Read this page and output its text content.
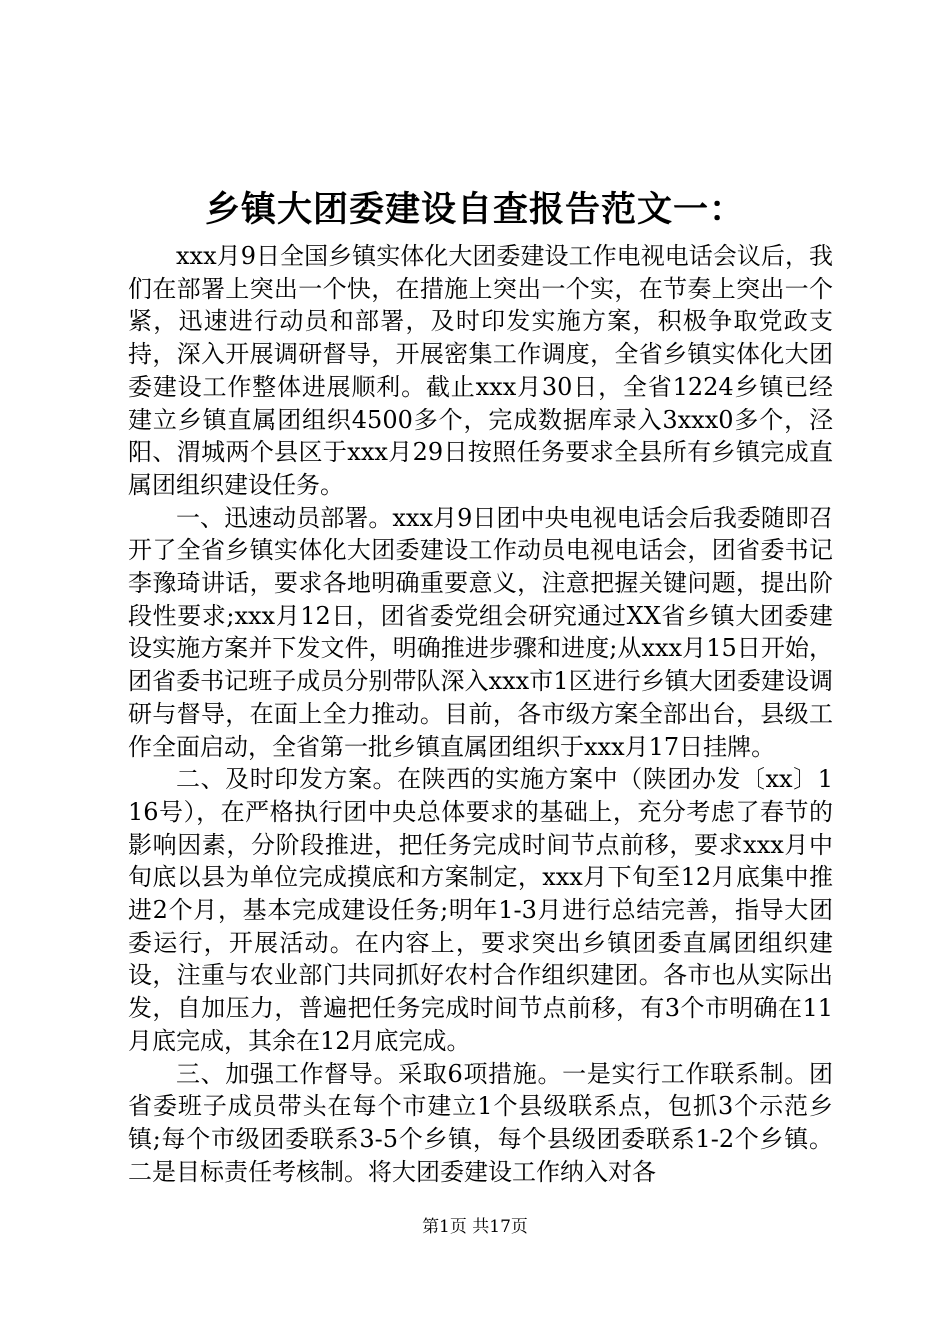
乡镇大团委建设自查报告范文一：

xxx月9日全国乡镇实体化大团委建设工作电视电话会议后，我们在部署上突出一个快，在措施上突出一个实，在节奏上突出一个紧，迅速进行动员和部署，及时印发实施方案，积极争取党政支持，深入开展调研督导，开展密集工作调度，全省乡镇实体化大团委建设工作整体进展顺利。截止xxx月30日，全省1224乡镇已经建立乡镇直属团组织4500多个，完成数据库录入3xxx0多个，泾阳、渭城两个县区于xxx月29日按照任务要求全县所有乡镇完成直属团组织建设任务。

一、迅速动员部署。xxx月9日团中央电视电话会后我委随即召开了全省乡镇实体化大团委建设工作动员电视电话会，团省委书记李豫琦讲话，要求各地明确重要意义，注意把握关键问题，提出阶段性要求;xxx月12日，团省委党组会研究通过XX省乡镇大团委建设实施方案并下发文件，明确推进步骤和进度;从xxx月15日开始，团省委书记班子成员分别带队深入xxx市1区进行乡镇大团委建设调研与督导，在面上全力推动。目前，各市级方案全部出台，县级工作全面启动，全省第一批乡镇直属团组织于xxx月17日挂牌。

二、及时印发方案。在陕西的实施方案中（陕团办发〔xx〕116号），在严格执行团中央总体要求的基础上，充分考虑了春节的影响因素，分阶段推进，把任务完成时间节点前移，要求xxx月中旬底以县为单位完成摸底和方案制定，xxx月下旬至12月底集中推进2个月，基本完成建设任务;明年1-3月进行总结完善，指导大团委运行，开展活动。在内容上，要求突出乡镇团委直属团组织建设，注重与农业部门共同抓好农村合作组织建团。各市也从实际出发，自加压力，普遍把任务完成时间节点前移，有3个市明确在11月底完成，其余在12月底完成。

三、加强工作督导。采取6项措施。一是实行工作联系制。团省委班子成员带头在每个市建立1个县级联系点，包抓3个示范乡镇;每个市级团委联系3-5个乡镇，每个县级团委联系1-2个乡镇。二是目标责任考核制。将大团委建设工作纳入对各

第1页 共17页
